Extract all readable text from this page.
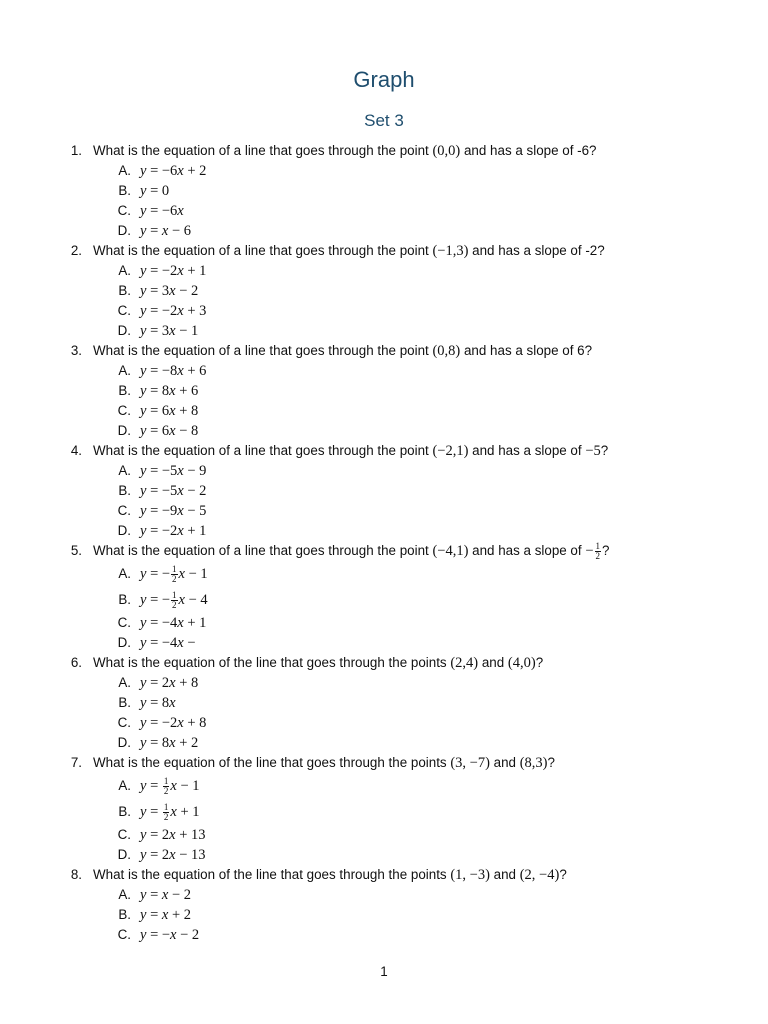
Graph
Set 3
1. What is the equation of a line that goes through the point (0,0) and has a slope of -6?
A. y = −6x + 2
B. y = 0
C. y = −6x
D. y = x − 6
2. What is the equation of a line that goes through the point (−1,3) and has a slope of -2?
A. y = −2x + 1
B. y = 3x − 2
C. y = −2x + 3
D. y = 3x − 1
3. What is the equation of a line that goes through the point (0,8) and has a slope of 6?
A. y = −8x + 6
B. y = 8x + 6
C. y = 6x + 8
D. y = 6x − 8
4. What is the equation of a line that goes through the point (−2,1) and has a slope of −5?
A. y = −5x − 9
B. y = −5x − 2
C. y = −9x − 5
D. y = −2x + 1
5. What is the equation of a line that goes through the point (−4,1) and has a slope of − $\frac{1}{2}$ ?
A. y = − $\frac{1}{2}$ x − 1
B. y = − $\frac{1}{2}$ x − 4
C. y = −4x + 1
D. y = −4x −
6. What is the equation of the line that goes through the points (2,4) and (4,0)?
A. y = 2x + 8
B. y = 8x
C. y = −2x + 8
D. y = 8x + 2
7. What is the equation of the line that goes through the points (3, −7) and (8,3)?
A. $y = \frac{1}{2}$ x − 1
B. $y = \frac{1}{2}$ x + 1
C. y = 2x + 13
D. y = 2x − 13
8. What is the equation of the line that goes through the points (1, −3) and (2, −4)?
A. y = x − 2
B. y = x + 2
C. y = −x − 2
1
